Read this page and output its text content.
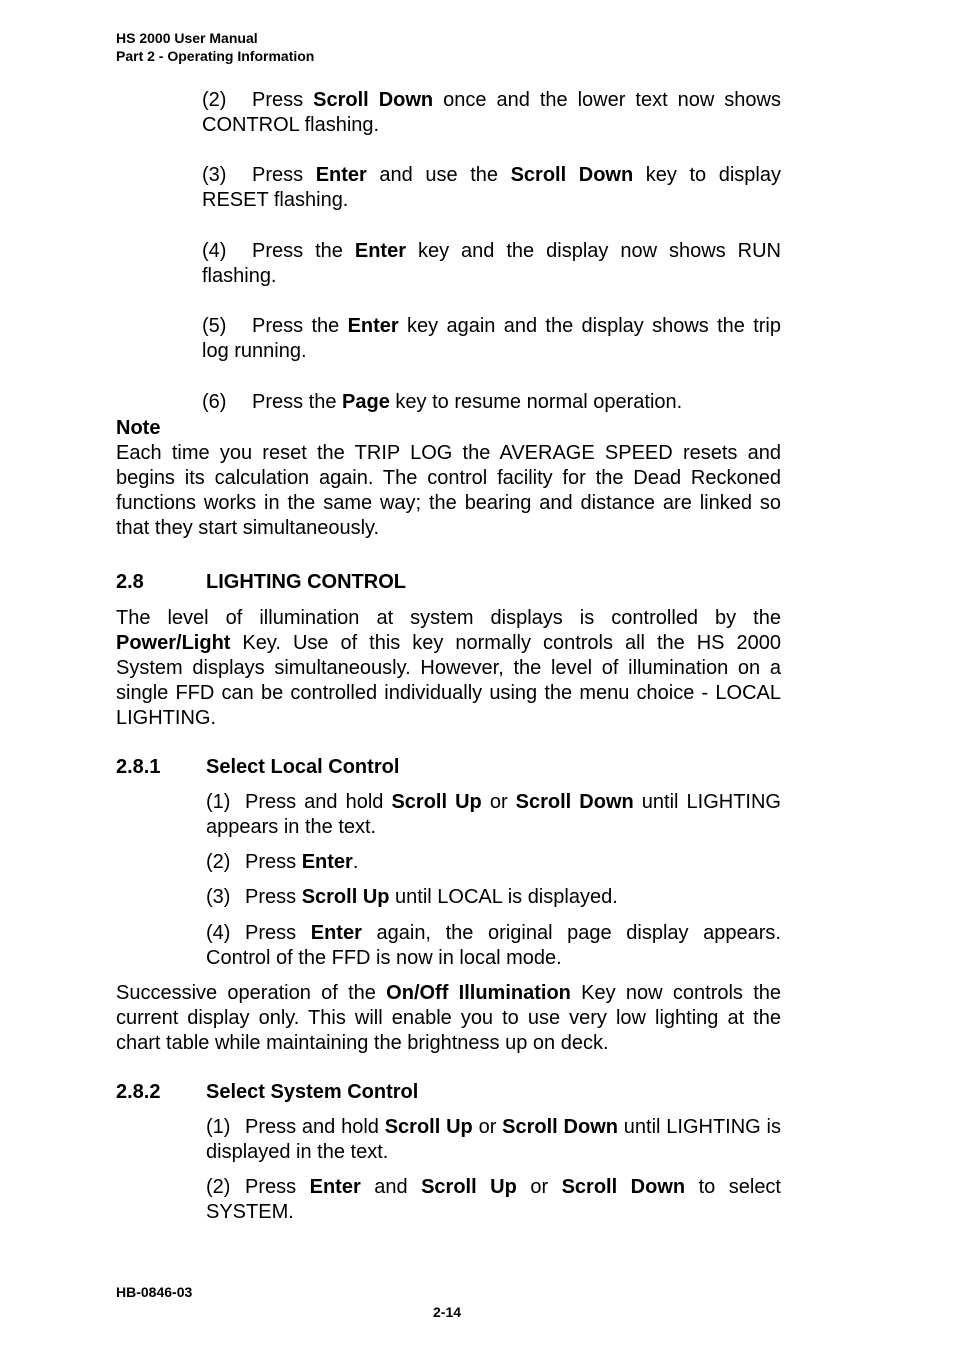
HS 2000 User Manual
Part 2 - Operating Information
(2) Press Scroll Down once and the lower text now shows CONTROL flashing.
(3) Press Enter and use the Scroll Down key to display RESET flashing.
(4) Press the Enter key and the display now shows RUN flashing.
(5) Press the Enter key again and the display shows the trip log running.
(6) Press the Page key to resume normal operation.
Note
Each time you reset the TRIP LOG the AVERAGE SPEED resets and begins its calculation again. The control facility for the Dead Reckoned functions works in the same way; the bearing and distance are linked so that they start simultaneously.
2.8	LIGHTING CONTROL
The level of illumination at system displays is controlled by the Power/Light Key. Use of this key normally controls all the HS 2000 System displays simultaneously. However, the level of illumination on a single FFD can be controlled individually using the menu choice - LOCAL LIGHTING.
2.8.1 Select Local Control
(1) Press and hold Scroll Up or Scroll Down until LIGHTING appears in the text.
(2) Press Enter.
(3) Press Scroll Up until LOCAL is displayed.
(4) Press Enter again, the original page display appears. Control of the FFD is now in local mode.
Successive operation of the On/Off Illumination Key now controls the current display only. This will enable you to use very low lighting at the chart table while maintaining the brightness up on deck.
2.8.2 Select System Control
(1) Press and hold Scroll Up or Scroll Down until LIGHTING is displayed in the text.
(2) Press Enter and Scroll Up or Scroll Down to select SYSTEM.
HB-0846-03
2-14
